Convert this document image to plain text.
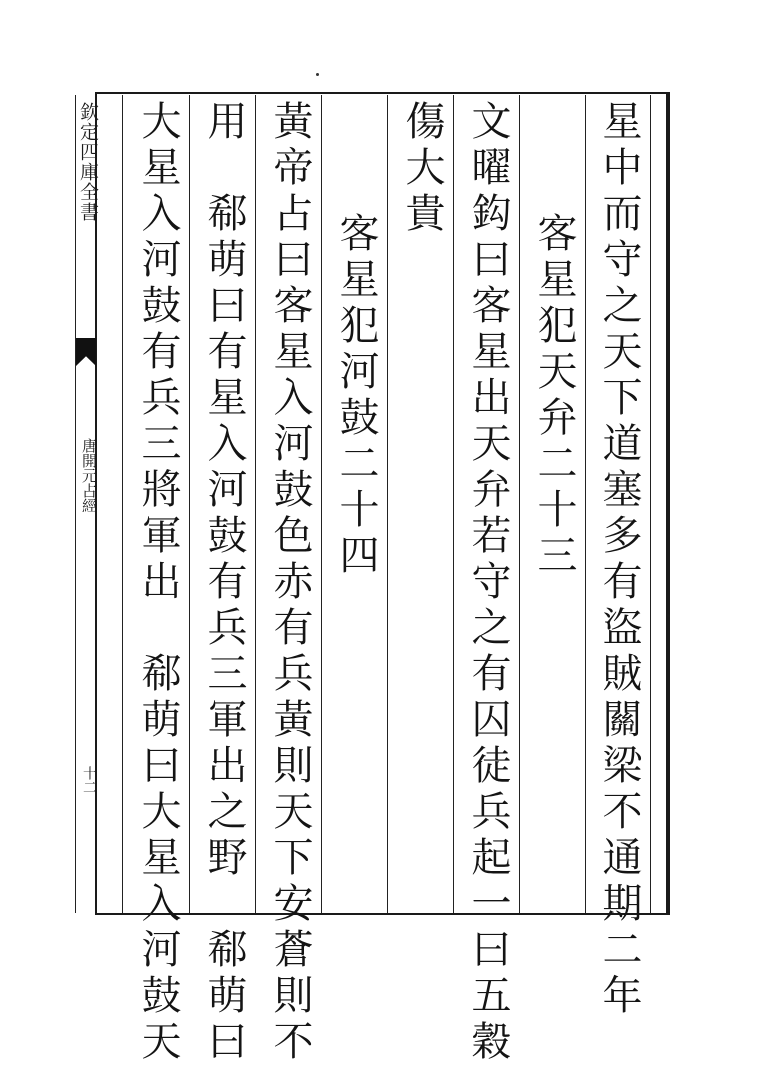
欽定四庫全書
唐開元占經
十二	星中而守之天下道塞多有盜賊關梁不通期二年
客星犯天弁二十三
文曜鈎曰客星出天弁若守之有囚徒兵起一曰五穀
傷大貴
客星犯河鼓二十四
黃帝占曰客星入河鼓色赤有兵黃則天下安蒼則不
用　郗萌曰有星入河鼓有兵三軍出之野　郗萌曰
大星入河鼓有兵三將軍出　郗萌曰大星入河鼓天
